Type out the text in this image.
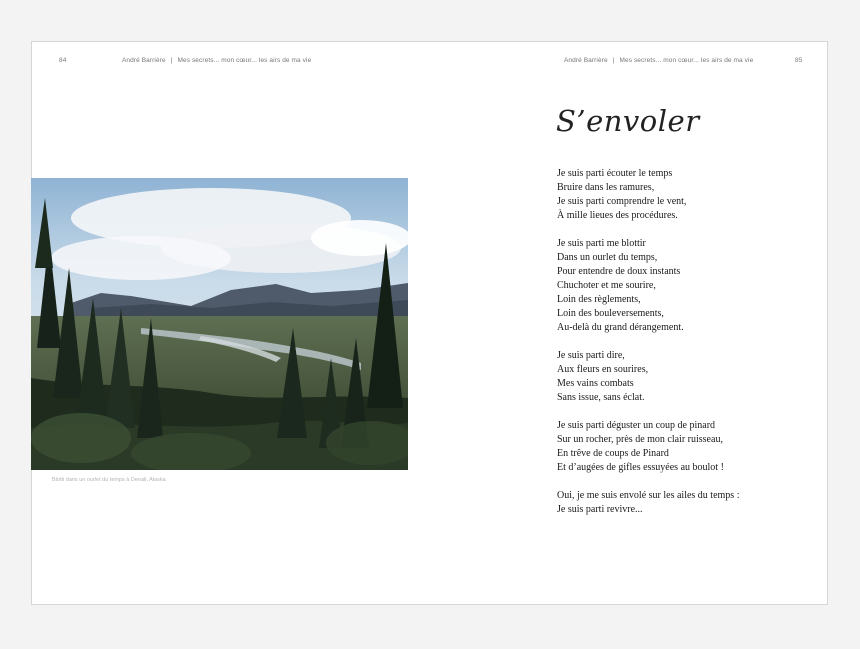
84	André Barrière | Mes secrets... mon cœur... les airs de ma vie	André Barrière | Mes secrets... mon cœur... les airs de ma vie	85
Blotti dans un ourlet du temps à Denali, Alaska
S’envoler
Je suis parti écouter le temps
Bruire dans les ramures,
Je suis parti comprendre le vent,
À mille lieues des procédures.
Je suis parti me blottir
Dans un ourlet du temps,
Pour entendre de doux instants
Chuchoter et me sourire,
Loin des règlements,
Loin des bouleversements,
Au-delà du grand dérangement.
Je suis parti dire,
Aux fleurs en sourires,
Mes vains combats
Sans issue, sans éclat.
Je suis parti déguster un coup de pinard
Sur un rocher, près de mon clair ruisseau,
En trêve de coups de Pinard
Et d’augées de gifles essuyées au boulot !
Oui, je me suis envolé sur les ailes du temps :
Je suis parti revivre...
